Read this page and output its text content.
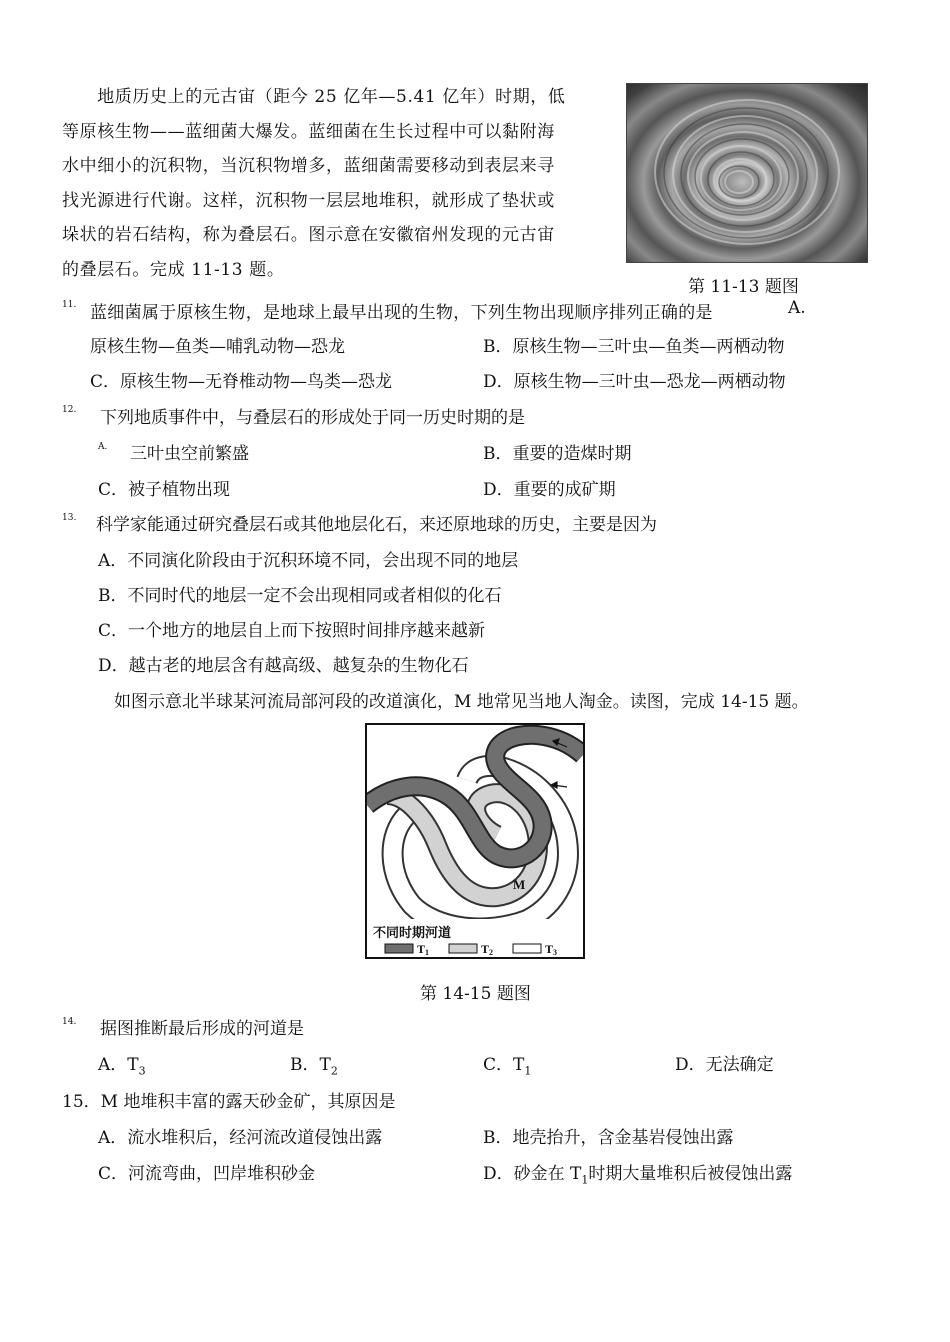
　　地质历史上的元古宙（距今 25 亿年—5.41 亿年）时期，低
等原核生物——蓝细菌大爆发。蓝细菌在生长过程中可以黏附海
水中细小的沉积物，当沉积物增多，蓝细菌需要移动到表层来寻
找光源进行代谢。这样，沉积物一层层地堆积，就形成了垫状或
垛状的岩石结构，称为叠层石。图示意在安徽宿州发现的元古宙
的叠层石。完成 11-13 题。
第 11-13 题图
11. 蓝细菌属于原核生物，是地球上最早出现的生物，下列生物出现顺序排列正确的是	A.
原核生物—鱼类—哺乳动物—恐龙	B．原核生物—三叶虫—鱼类—两栖动物
C．原核生物—无脊椎动物—鸟类—恐龙	D．原核生物—三叶虫—恐龙—两栖动物
12. 下列地质事件中，与叠层石的形成处于同一历史时期的是
A. 三叶虫空前繁盛	B．重要的造煤时期
C．被子植物出现	D．重要的成矿期
13. 科学家能通过研究叠层石或其他地层化石，来还原地球的历史，主要是因为
A．不同演化阶段由于沉积环境不同，会出现不同的地层
B．不同时代的地层一定不会出现相同或者相似的化石
C．一个地方的地层自上而下按照时间排序越来越新
D．越古老的地层含有越高级、越复杂的生物化石
如图示意北半球某河流局部河段的改道演化，M 地常见当地人淘金。读图，完成 14-15 题。
M
不同时期河道
T1	T2	T3
第 14-15 题图
14. 据图推断最后形成的河道是
A．$T_3$	B．$T_2$	C．$T_1$	D．无法确定
15．M 地堆积丰富的露天砂金矿，其原因是
A．流水堆积后，经河流改道侵蚀出露	B．地壳抬升，含金基岩侵蚀出露
C．河流弯曲，凹岸堆积砂金	D．砂金在 $T_1$时期大量堆积后被侵蚀出露
